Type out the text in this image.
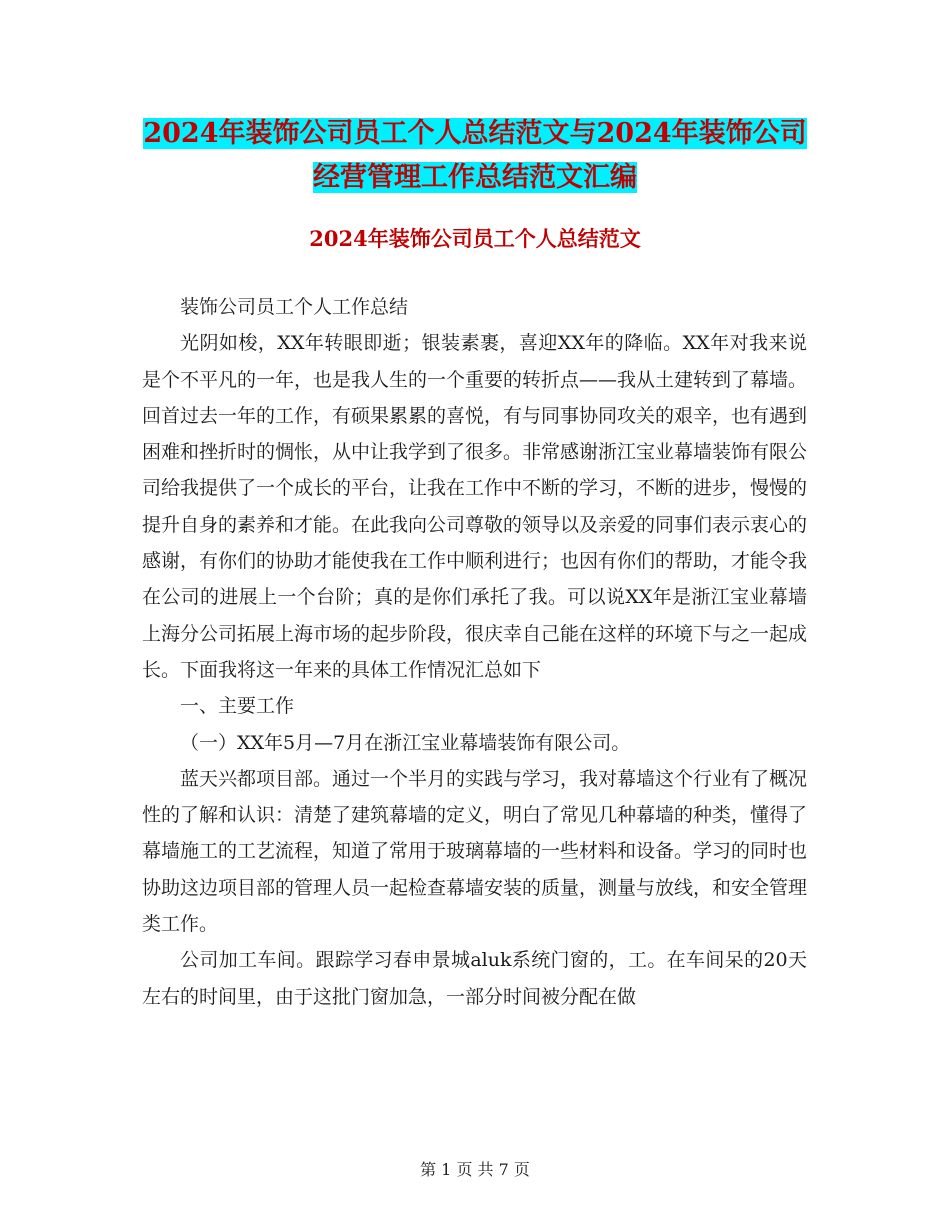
2024年装饰公司员工个人总结范文与2024年装饰公司
经营管理工作总结范文汇编
2024年装饰公司员工个人总结范文

装饰公司员工个人工作总结

光阴如梭，XX年转眼即逝；银装素裹，喜迎XX年的降临。XX年对我来说是个不平凡的一年，也是我人生的一个重要的转折点——我从土建转到了幕墙。回首过去一年的工作，有硕果累累的喜悦，有与同事协同攻关的艰辛，也有遇到困难和挫折时的惆怅，从中让我学到了很多。非常感谢浙江宝业幕墙装饰有限公司给我提供了一个成长的平台，让我在工作中不断的学习，不断的进步，慢慢的提升自身的素养和才能。在此我向公司尊敬的领导以及亲爱的同事们表示衷心的感谢，有你们的协助才能使我在工作中顺利进行；也因有你们的帮助，才能令我在公司的进展上一个台阶；真的是你们承托了我。可以说XX年是浙江宝业幕墙上海分公司拓展上海市场的起步阶段，很庆幸自己能在这样的环境下与之一起成长。下面我将这一年来的具体工作情况汇总如下

一、主要工作

（一）XX年5月—7月在浙江宝业幕墙装饰有限公司。

蓝天兴都项目部。通过一个半月的实践与学习，我对幕墙这个行业有了概况性的了解和认识：清楚了建筑幕墙的定义，明白了常见几种幕墙的种类，懂得了幕墙施工的工艺流程，知道了常用于玻璃幕墙的一些材料和设备。学习的同时也协助这边项目部的管理人员一起检查幕墙安装的质量，测量与放线，和安全管理类工作。

公司加工车间。跟踪学习春申景城aluk系统门窗的，工。在车间呆的20天左右的时间里，由于这批门窗加急，一部分时间被分配在做

第 1 页 共 7 页
